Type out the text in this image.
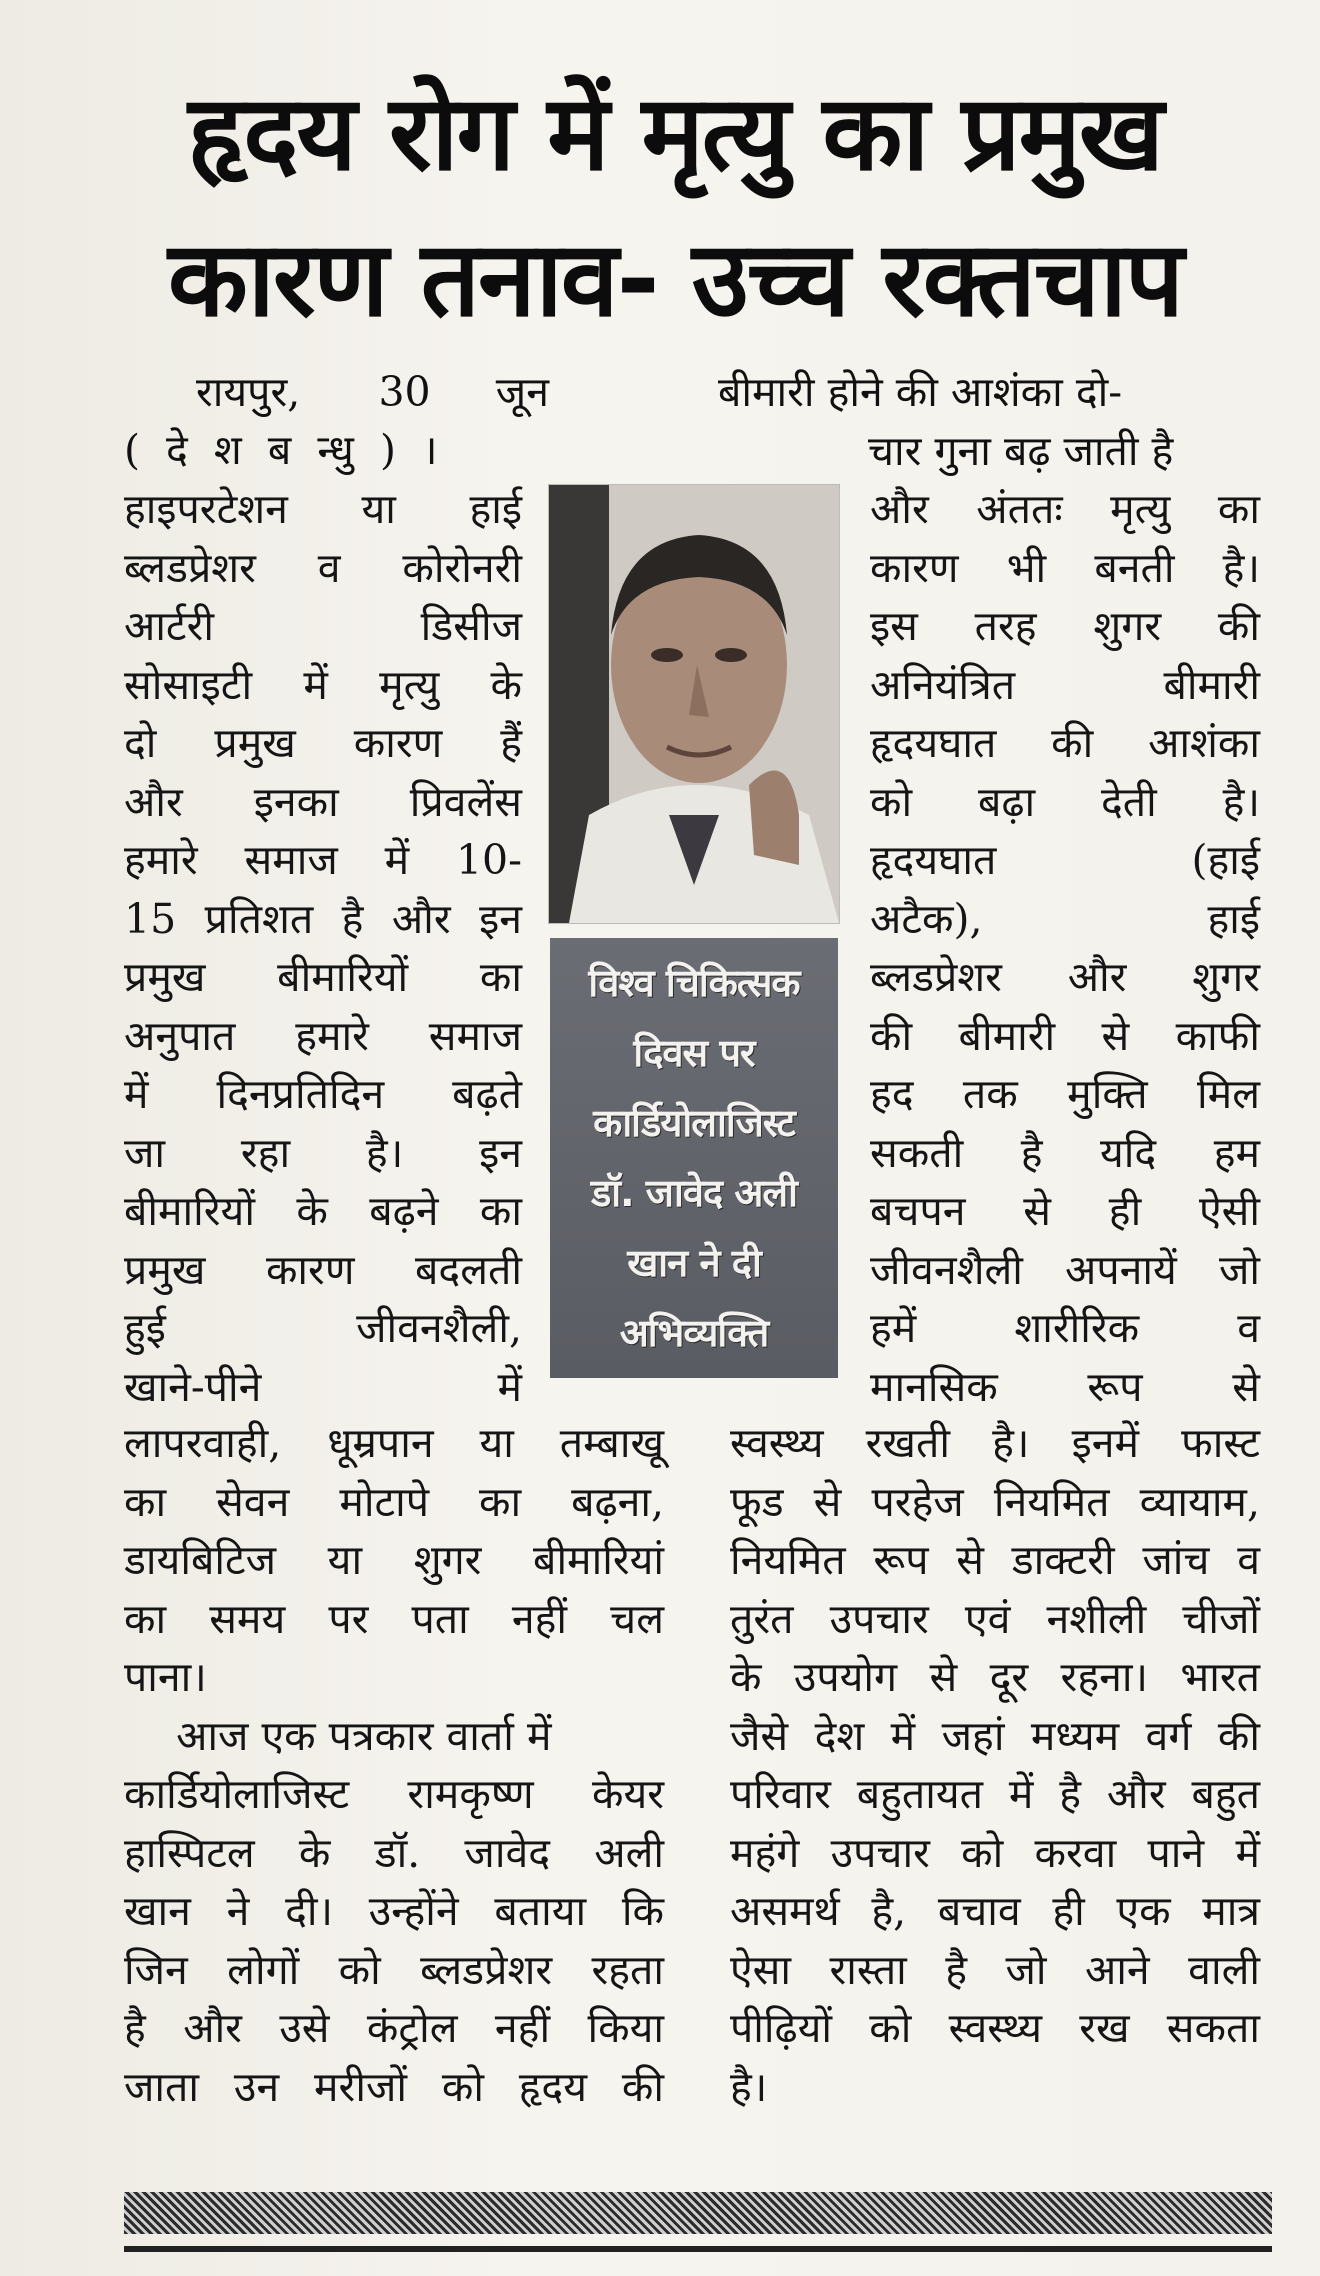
हृदय रोग में मृत्यु का प्रमुख
कारण तनाव- उच्च रक्तचाप
रायपुर,      30     जून
(  दे  श  ब  न्धु  )  ।
हाइपरटेशन या हाई
ब्लडप्रेशर व कोरोनरी
आर्टरी डिसीज
सोसाइटी में मृत्यु के
दो प्रमुख कारण हैं
और इनका प्रिवलेंस
हमारे समाज में 10-
15 प्रतिशत है और इन
प्रमुख बीमारियों का
अनुपात हमारे समाज
में दिनप्रतिदिन बढ़ते
जा रहा है। इन
बीमारियों के बढ़ने का
प्रमुख कारण बदलती
हुई जीवनशैली,
खाने-पीने में
विश्व चिकित्सक
दिवस पर
कार्डियोलाजिस्ट
डॉ. जावेद अली
खान ने दी
अभिव्यक्ति
बीमारी होने की आशंका दो-
चार गुना बढ़ जाती है
और अंततः मृत्यु का
कारण भी बनती है।
इस तरह शुगर की
अनियंत्रित बीमारी
हृदयघात की आशंका
को बढ़ा देती है।
हृदयघात (हाई
अटैक), हाई
ब्लडप्रेशर और शुगर
की बीमारी से काफी
हद तक मुक्ति मिल
सकती है यदि हम
बचपन से ही ऐसी
जीवनशैली अपनायें जो
हमें शारीरिक व
मानसिक रूप से
लापरवाही, धूम्रपान या तम्बाखू
का सेवन मोटापे का बढ़ना,
डायबिटिज या शुगर बीमारियां
का समय पर पता नहीं चल
पाना।
आज एक पत्रकार वार्ता में
कार्डियोलाजिस्ट रामकृष्ण केयर
हास्पिटल के डॉ. जावेद अली
खान ने दी। उन्होंने बताया कि
जिन लोगों को ब्लडप्रेशर रहता
है और उसे कंट्रोल नहीं किया
जाता उन मरीजों को हृदय की
स्वस्थ्य रखती है। इनमें फास्ट
फूड से परहेज नियमित व्यायाम,
नियमित रूप से डाक्टरी जांच व
तुरंत उपचार एवं नशीली चीजों
के उपयोग से दूर रहना। भारत
जैसे देश में जहां मध्यम वर्ग की
परिवार बहुतायत में है और बहुत
महंगे उपचार को करवा पाने में
असमर्थ है, बचाव ही एक मात्र
ऐसा रास्ता है जो आने वाली
पीढ़ियों को स्वस्थ्य रख सकता
है।
